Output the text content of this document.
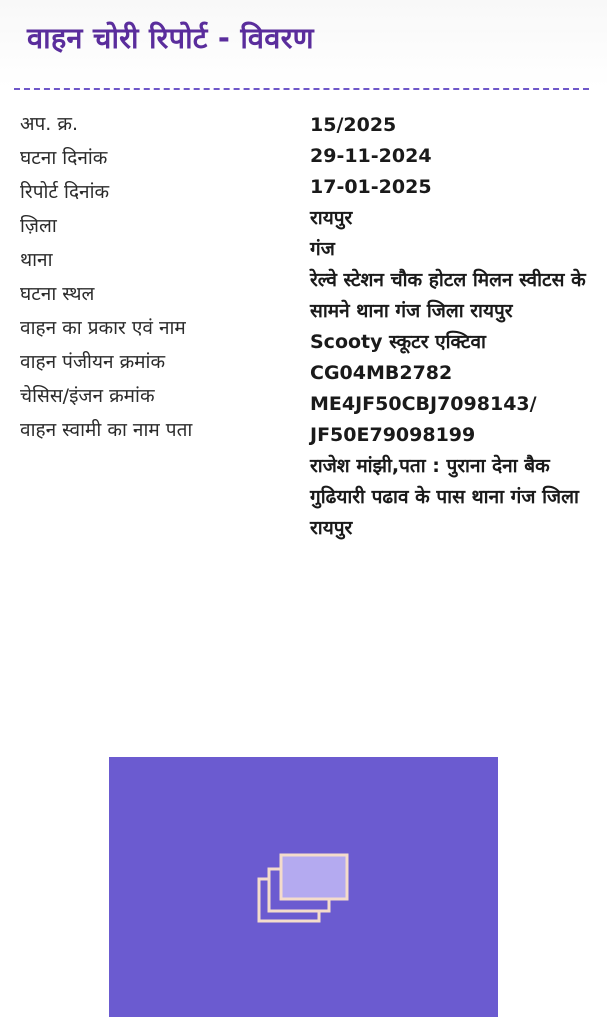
वाहन चोरी रिपोर्ट - विवरण
अप. क्र.
घटना दिनांक
रिपोर्ट दिनांक
ज़िला
थाना
घटना स्थल
वाहन का प्रकार एवं नाम
वाहन पंजीयन क्रमांक
चेसिस/इंजन क्रमांक
वाहन स्वामी का नाम पता
15/2025
29-11-2024
17-01-2025
रायपुर
गंज
रेल्वे स्टेशन चौक होटल मिलन स्वीटस के सामने थाना गंज जिला रायपुर
Scooty स्कूटर एक्टिवा
CG04MB2782
ME4JF50CBJ7098143/ JF50E79098199
राजेश मांझी,पता : पुराना देना बैक गुढियारी पढाव के पास थाना गंज जिला रायपुर
